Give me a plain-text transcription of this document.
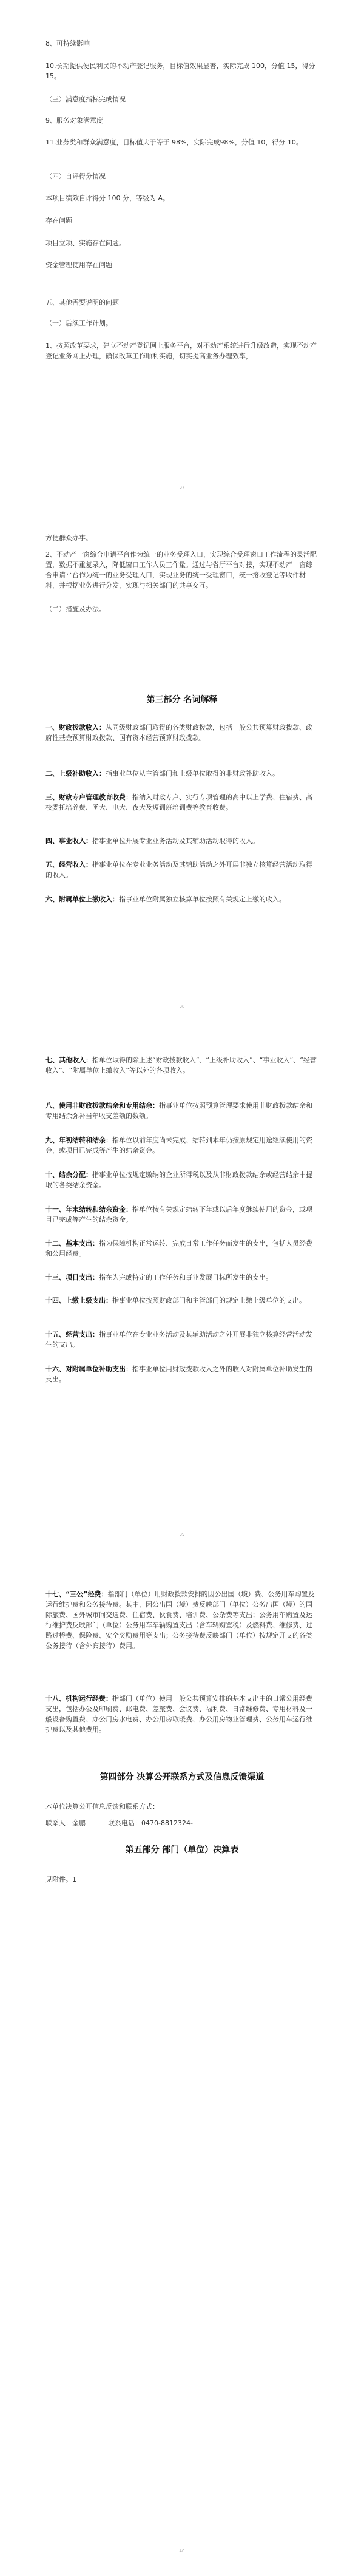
8、可持续影响
10.长期提供便民利民的不动产登记服务，目标值效果显著，实际完成 100，分值 15，得分 15。
（三）满意度指标完成情况
9、服务对象满意度
11.业务类和群众满意度，目标值大于等于 98%，实际完成98%，分值 10，得分 10。
（四）自评得分情况
本项目绩效自评得分 100 分，等级为 A。
存在问题
项目立项、实施存在问题。
资金管理使用存在问题
五、其他需要说明的问题
（一）后续工作计划。
1、按照改革要求，建立不动产登记网上服务平台，对不动产系统进行升级改造，实现不动产登记业务网上办理，确保改革工作顺利实施，切实提高业务办理效率，
37
方便群众办事。
2、不动产一窗综合申请平台作为统一的业务受理入口，实现综合受理窗口工作流程的灵活配置，数据不重复录入，降低窗口工作人员工作量。通过与省厅平台对接，实现不动产一窗综合申请平台作为统一的业务受理入口，实现业务的统一受理窗口，统一接收登记等收件材料，并根据业务进行分发，实现与相关部门的共享交互。
（二）措施及办法。
第三部分 名词解释
一、财政拨款收入：从同级财政部门取得的各类财政拨款，包括一般公共预算财政拨款、政府性基金预算财政拨款、国有资本经营预算财政拨款。
二、上级补助收入：指事业单位从主管部门和上级单位取得的非财政补助收入。
三、财政专户管理教育收费：指纳入财政专户、实行专项管理的高中以上学费、住宿费、高校委托培养费、函大、电大、夜大及短训班培训费等教育收费。
四、事业收入：指事业单位开展专业业务活动及其辅助活动取得的收入。
五、经营收入：指事业单位在专业业务活动及其辅助活动之外开展非独立核算经营活动取得的收入。
六、附属单位上缴收入：指事业单位附属独立核算单位按照有关规定上缴的收入。
38
七、其他收入：指单位取得的除上述“财政拨款收入”、“上级补助收入”、“事业收入”、“经营收入”、“附属单位上缴收入”等以外的各项收入。
八、使用非财政拨款结余和专用结余：指事业单位按照预算管理要求使用非财政拨款结余和专用结余弥补当年收支差额的数额。
九、年初结转和结余：指单位以前年度尚未完成、结转到本年仍按原规定用途继续使用的资金，或项目已完成等产生的结余资金。
十、结余分配：指事业单位按规定缴纳的企业所得税以及从非财政拨款结余或经营结余中提取的各类结余资金。
十一、年末结转和结余资金：指单位按有关规定结转下年或以后年度继续使用的资金，或项目已完成等产生的结余资金。
十二、基本支出：指为保障机构正常运转、完成日常工作任务而发生的支出，包括人员经费和公用经费。
十三、项目支出：指在为完成特定的工作任务和事业发展目标所发生的支出。
十四、上缴上级支出：指事业单位按照财政部门和主管部门的规定上缴上级单位的支出。
十五、经营支出：指事业单位在专业业务活动及其辅助活动之外开展非独立核算经营活动发生的支出。
十六、对附属单位补助支出：指事业单位用财政拨款收入之外的收入对附属单位补助发生的支出。
39
十七、“三公”经费：指部门（单位）用财政拨款安排的因公出国（境）费、公务用车购置及运行维护费和公务接待费。其中，因公出国（境）费反映部门（单位）公务出国（境）的国际旅费、国外城市间交通费、住宿费、伙食费、培训费、公杂费等支出；公务用车购置及运行维护费反映部门（单位）公务用车车辆购置支出（含车辆购置税）及燃料费、维修费、过路过桥费、保险费、安全奖励费用等支出；公务接待费反映部门（单位）按规定开支的各类公务接待（含外宾接待）费用。
十八、机构运行经费：指部门（单位）使用一般公共预算安排的基本支出中的日常公用经费支出，包括办公及印刷费、邮电费、差旅费、会议费、福利费、日常维修费、专用材料及一般设备购置费、办公用房水电费、办公用房取暖费、办公用房物业管理费、公务用车运行维护费以及其他费用。
第四部分 决算公开联系方式及信息反馈渠道
本单位决算公开信息反馈和联系方式：
联系人：金鹏	联系电话：0470-8812324-
第五部分 部门（单位）决算表
见附件。1
40
